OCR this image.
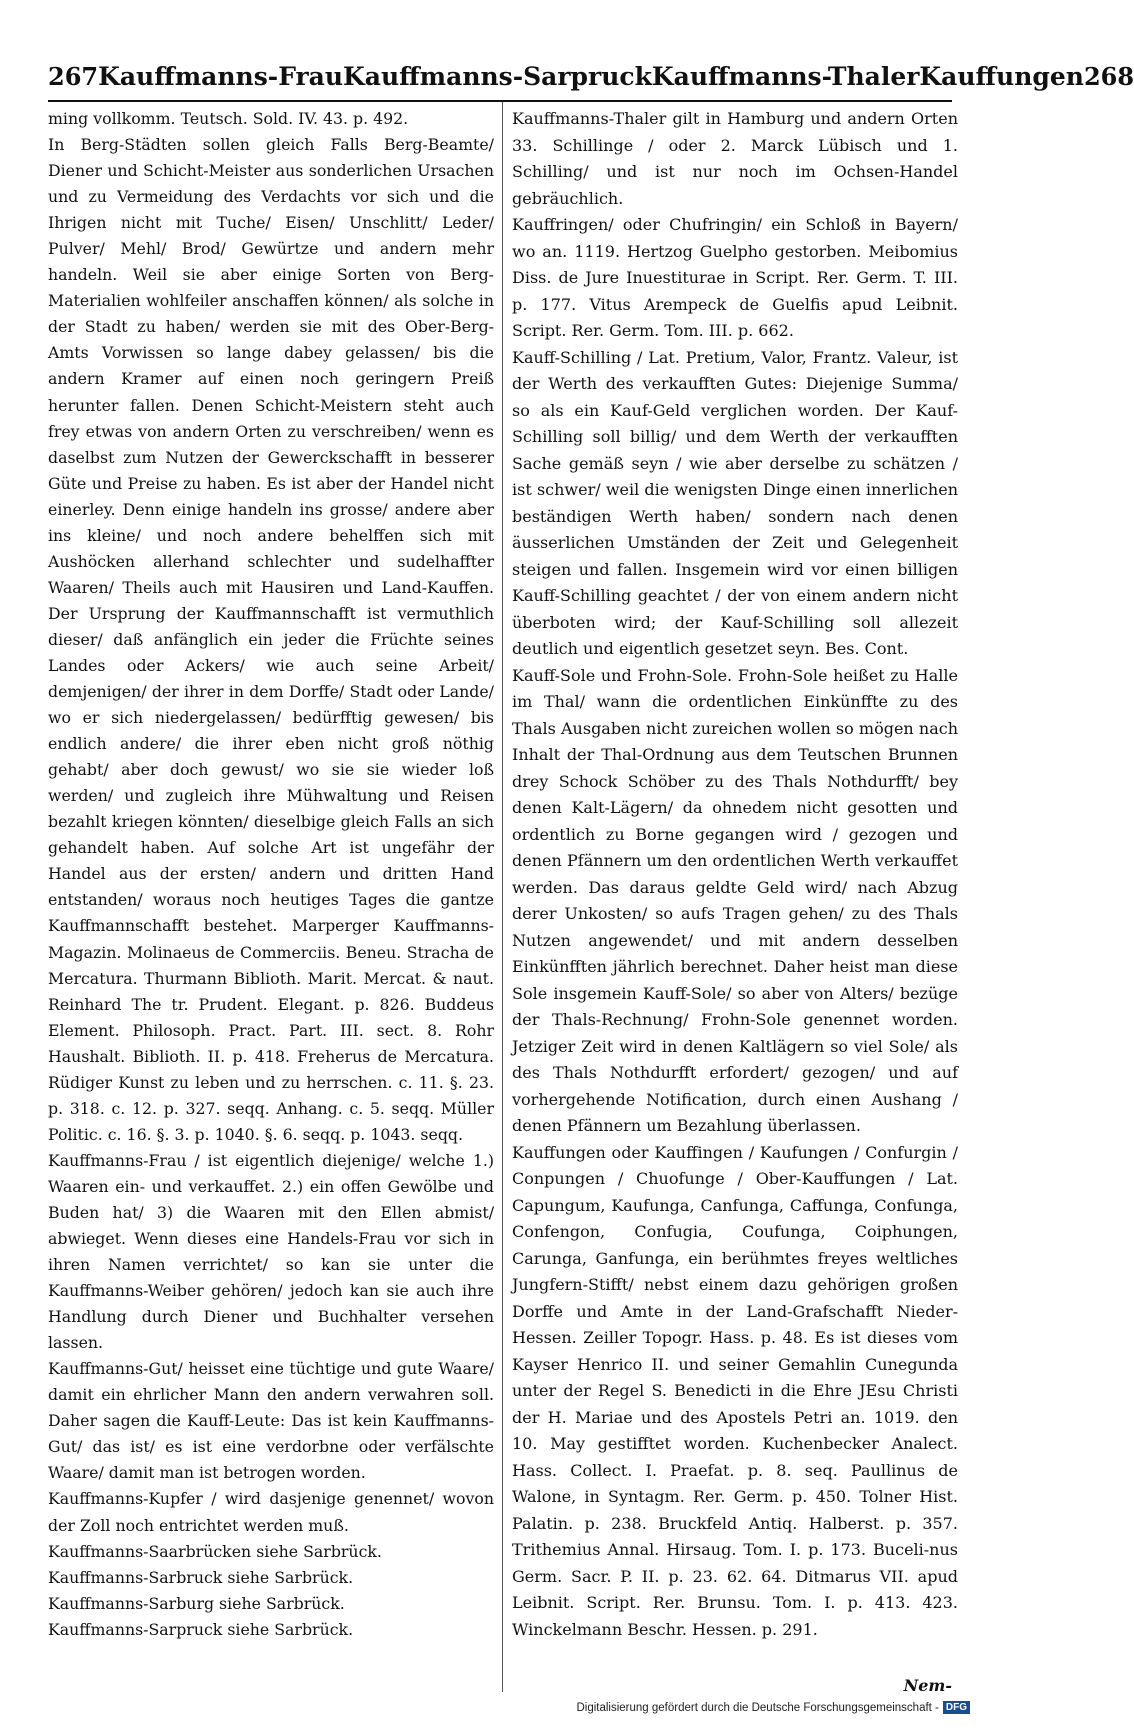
267 Kauffmanns-Frau Kauffmanns-Sarpruck Kauffmanns-Thaler Kauffungen 268

ming vollkomm. Teutsch. Sold. IV. 43. p. 492.

In Berg-Städten sollen gleich Falls Berg-Beamte/ Diener und Schicht-Meister aus sonderlichen Ursachen und zu Vermeidung des Verdachts vor sich und die Ihrigen nicht mit Tuche/ Eisen/ Unschlitt/ Leder/ Pulver/ Mehl/ Brod/ Gewürtze und andern mehr handeln. Weil sie aber einige Sorten von Berg-Materialien wohlfeiler anschaffen können/ als solche in der Stadt zu haben/ werden sie mit des Ober-Berg-Amts Vorwissen so lange dabey gelassen/ bis die andern Kramer auf einen noch geringern Preiß herunter fallen. Denen Schicht-Meistern steht auch frey etwas von andern Orten zu verschreiben/ wenn es daselbst zum Nutzen der Gewerckschafft in besserer Güte und Preise zu haben. Es ist aber der Handel nicht einerley. Denn einige handeln ins grosse/ andere aber ins kleine/ und noch andere behelffen sich mit Aushöcken allerhand schlechter und sudelhaffter Waaren/ Theils auch mit Hausiren und Land-Kauffen. Der Ursprung der Kauffmannschafft ist vermuthlich dieser/ daß anfänglich ein jeder die Früchte seines Landes oder Ackers/ wie auch seine Arbeit/ demjenigen/ der ihrer in dem Dorffe/ Stadt oder Lande/ wo er sich niedergelassen/ bedürfftig gewesen/ bis endlich andere/ die ihrer eben nicht groß nöthig gehabt/ aber doch gewust/ wo sie sie wieder loß werden/ und zugleich ihre Mühwaltung und Reisen bezahlt kriegen könnten/ dieselbige gleich Falls an sich gehandelt haben. Auf solche Art ist ungefähr der Handel aus der ersten/ andern und dritten Hand entstanden/ woraus noch heutiges Tages die gantze Kauffmannschafft bestehet. Marperger Kauffmanns-Magazin. Molinaeus de Commerciis. Beneu. Stracha de Mercatura. Thurmann Biblioth. Marit. Mercat. & naut. Reinhard The tr. Prudent. Elegant. p. 826. Buddeus Element. Philosoph. Pract. Part. III. sect. 8. Rohr Haushalt. Biblioth. II. p. 418. Freherus de Mercatura. Rüdiger Kunst zu leben und zu herrschen. c. 11. §. 23. p. 318. c. 12. p. 327. seqq. Anhang. c. 5. seqq. Müller Politic. c. 16. §. 3. p. 1040. §. 6. seqq. p. 1043. seqq.

Kauffmanns-Frau / ist eigentlich diejenige/ welche 1.) Waaren ein- und verkauffet. 2.) ein offen Gewölbe und Buden hat/ 3) die Waaren mit den Ellen abmist/ abwieget. Wenn dieses eine Handels-Frau vor sich in ihren Namen verrichtet/ so kan sie unter die Kauffmanns-Weiber gehören/ jedoch kan sie auch ihre Handlung durch Diener und Buchhalter versehen lassen.

Kauffmanns-Gut/ heisset eine tüchtige und gute Waare/ damit ein ehrlicher Mann den andern verwahren soll. Daher sagen die Kauff-Leute: Das ist kein Kauffmanns-Gut/ das ist/ es ist eine verdorbne oder verfälschte Waare/ damit man ist betrogen worden.

Kauffmanns-Kupfer / wird dasjenige genennet/ wovon der Zoll noch entrichtet werden muß.

Kauffmanns-Saarbrücken siehe Sarbrück.

Kauffmanns-Sarbruck siehe Sarbrück.

Kauffmanns-Sarburg siehe Sarbrück.

Kauffmanns-Sarpruck siehe Sarbrück.

Kauffmanns-Thaler gilt in Hamburg und andern Orten 33. Schillinge / oder 2. Marck Lübisch und 1. Schilling/ und ist nur noch im Ochsen-Handel gebräuchlich.

Kauffringen/ oder Chufringin/ ein Schloß in Bayern/ wo an. 1119. Hertzog Guelpho gestorben. Meibomius Diss. de Jure Inuestiturae in Script. Rer. Germ. T. III. p. 177. Vitus Arempeck de Guelfis apud Leibnit. Script. Rer. Germ. Tom. III. p. 662.

Kauff-Schilling / Lat. Pretium, Valor, Frantz. Valeur, ist der Werth des verkaufften Gutes: Diejenige Summa/ so als ein Kauf-Geld verglichen worden. Der Kauf-Schilling soll billig/ und dem Werth der verkaufften Sache gemäß seyn / wie aber derselbe zu schätzen / ist schwer/ weil die wenigsten Dinge einen innerlichen beständigen Werth haben/ sondern nach denen äusserlichen Umständen der Zeit und Gelegenheit steigen und fallen. Insgemein wird vor einen billigen Kauff-Schilling geachtet / der von einem andern nicht überboten wird; der Kauf-Schilling soll allezeit deutlich und eigentlich gesetzet seyn. Bes. Cont.

Kauff-Sole und Frohn-Sole. Frohn-Sole heißet zu Halle im Thal/ wann die ordentlichen Einkünffte zu des Thals Ausgaben nicht zureichen wollen so mögen nach Inhalt der Thal-Ordnung aus dem Teutschen Brunnen drey Schock Schöber zu des Thals Nothdurfft/ bey denen Kalt-Lägern/ da ohnedem nicht gesotten und ordentlich zu Borne gegangen wird / gezogen und denen Pfännern um den ordentlichen Werth verkauffet werden. Das daraus geldte Geld wird/ nach Abzug derer Unkosten/ so aufs Tragen gehen/ zu des Thals Nutzen angewendet/ und mit andern desselben Einkünfften jährlich berechnet. Daher heist man diese Sole insgemein Kauff-Sole/ so aber von Alters/ bezüge der Thals-Rechnung/ Frohn-Sole genennet worden. Jetziger Zeit wird in denen Kaltlägern so viel Sole/ als des Thals Nothdurfft erfordert/ gezogen/ und auf vorhergehende Notification, durch einen Aushang / denen Pfännern um Bezahlung überlassen.

Kauffungen oder Kauffingen / Kaufungen / Confurgin / Conpungen / Chuofunge / Ober-Kauffungen / Lat. Capungum, Kaufunga, Canfunga, Caffunga, Confunga, Confengon, Confugia, Coufunga, Coiphungen, Carunga, Ganfunga, ein berühmtes freyes weltliches Jungfern-Stifft/ nebst einem dazu gehörigen großen Dorffe und Amte in der Land-Grafschafft Nieder-Hessen. Zeiller Topogr. Hass. p. 48. Es ist dieses vom Kayser Henrico II. und seiner Gemahlin Cunegunda unter der Regel S. Benedicti in die Ehre JEsu Christi der H. Mariae und des Apostels Petri an. 1019. den 10. May gestifftet worden. Kuchenbecker Analect. Hass. Collect. I. Praefat. p. 8. seq. Paullinus de Walone, in Syntagm. Rer. Germ. p. 450. Tolner Hist. Palatin. p. 238. Bruckfeld Antiq. Halberst. p. 357. Trithemius Annal. Hirsaug. Tom. I. p. 173. Buceli-nus Germ. Sacr. P. II. p. 23. 62. 64. Ditmarus VII. apud Leibnit. Script. Rer. Brunsu. Tom. I. p. 413. 423. Winckelmann Beschr. Hessen. p. 291.

Nem-
Digitalisierung gefördert durch die Deutsche Forschungsgemeinschaft - DFG
